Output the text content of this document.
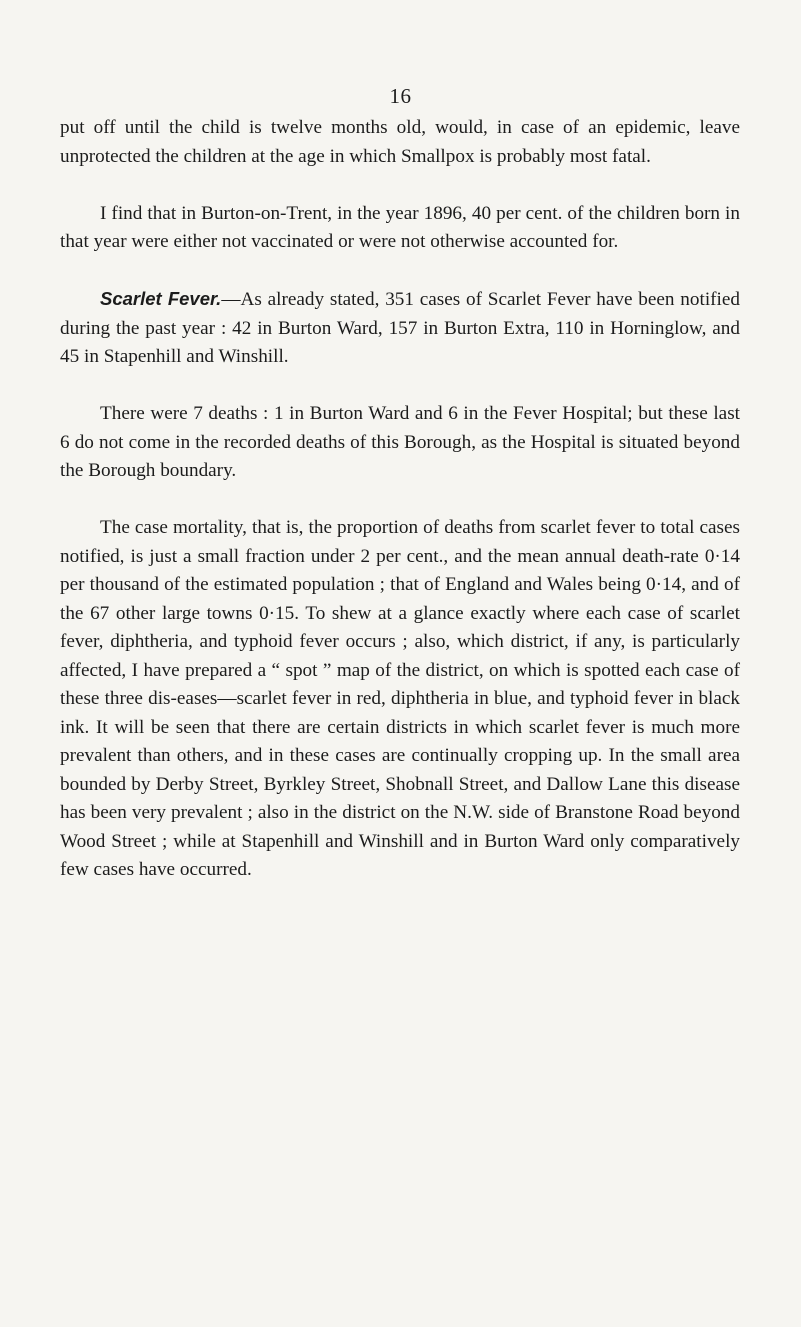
16

put off until the child is twelve months old, would, in case of an epidemic, leave unprotected the children at the age in which Smallpox is probably most fatal.

I find that in Burton-on-Trent, in the year 1896, 40 per cent. of the children born in that year were either not vaccinated or were not otherwise accounted for.

Scarlet Fever.—As already stated, 351 cases of Scarlet Fever have been notified during the past year : 42 in Burton Ward, 157 in Burton Extra, 110 in Horninglow, and 45 in Stapenhill and Winshill.

There were 7 deaths : 1 in Burton Ward and 6 in the Fever Hospital; but these last 6 do not come in the recorded deaths of this Borough, as the Hospital is situated beyond the Borough boundary.

The case mortality, that is, the proportion of deaths from scarlet fever to total cases notified, is just a small fraction under 2 per cent., and the mean annual death-rate 0·14 per thousand of the estimated population ; that of England and Wales being 0·14, and of the 67 other large towns 0·15. To shew at a glance exactly where each case of scarlet fever, diphtheria, and typhoid fever occurs ; also, which district, if any, is particularly affected, I have prepared a “ spot ” map of the district, on which is spotted each case of these three dis-eases—scarlet fever in red, diphtheria in blue, and typhoid fever in black ink. It will be seen that there are certain districts in which scarlet fever is much more prevalent than others, and in these cases are continually cropping up. In the small area bounded by Derby Street, Byrkley Street, Shobnall Street, and Dallow Lane this disease has been very prevalent ; also in the district on the N.W. side of Branstone Road beyond Wood Street ; while at Stapenhill and Winshill and in Burton Ward only comparatively few cases have occurred.
